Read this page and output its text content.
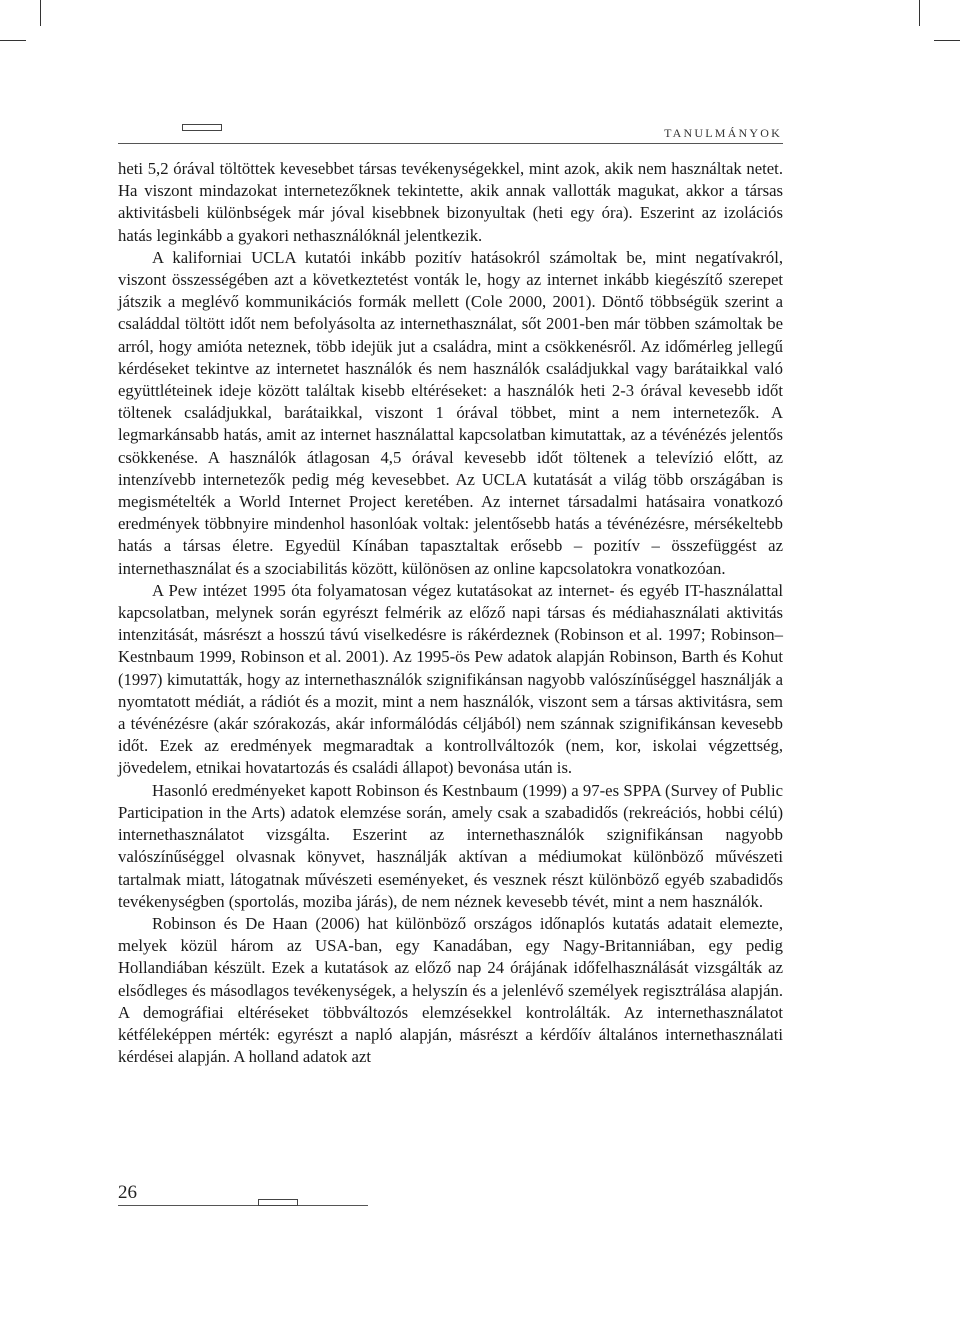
TANULMÁNYOK

heti 5,2 órával töltöttek kevesebbet társas tevékenységekkel, mint azok, akik nem használtak netet. Ha viszont mindazokat internetezőknek tekintette, akik annak vallották magukat, akkor a társas aktivitásbeli különbségek már jóval kisebbnek bizonyultak (heti egy óra). Eszerint az izolációs hatás leginkább a gyakori nethasználóknál jelentkezik.

A kaliforniai UCLA kutatói inkább pozitív hatásokról számoltak be, mint negatívakról, viszont összességében azt a következtetést vonták le, hogy az internet inkább kiegészítő szerepet játszik a meglévő kommunikációs formák mellett (Cole 2000, 2001). Döntő többségük szerint a családdal töltött időt nem befolyásolta az internethasználat, sőt 2001-ben már többen számoltak be arról, hogy amióta neteznek, több idejük jut a családra, mint a csökkenésről. Az időmérleg jellegű kérdéseket tekintve az internetet használók és nem használók családjukkal vagy barátaikkal való együttléteinek ideje között találtak kisebb eltéréseket: a használók heti 2-3 órával kevesebb időt töltenek családjukkal, barátaikkal, viszont 1 órával többet, mint a nem internetezők. A legmarkánsabb hatás, amit az internet használattal kapcsolatban kimutattak, az a tévénézés jelentős csökkenése. A használók átlagosan 4,5 órával kevesebb időt töltenek a televízió előtt, az intenzívebb internetezők pedig még kevesebbet. Az UCLA kutatását a világ több országában is megismételték a World Internet Project keretében. Az internet társadalmi hatásaira vonatkozó eredmények többnyire mindenhol hasonlóak voltak: jelentősebb hatás a tévénézésre, mérsékeltebb hatás a társas életre. Egyedül Kínában tapasztaltak erősebb – pozitív – összefüggést az internethasználat és a szociabilitás között, különösen az online kapcsolatokra vonatkozóan.

A Pew intézet 1995 óta folyamatosan végez kutatásokat az internet- és egyéb IT-használattal kapcsolatban, melynek során egyrészt felmérik az előző napi társas és médiahasználati aktivitás intenzitását, másrészt a hosszú távú viselkedésre is rákérdeznek (Robinson et al. 1997; Robinson–Kestnbaum 1999, Robinson et al. 2001). Az 1995-ös Pew adatok alapján Robinson, Barth és Kohut (1997) kimutatták, hogy az internethasználók szignifikánsan nagyobb valószínűséggel használják a nyomtatott médiát, a rádiót és a mozit, mint a nem használók, viszont sem a társas aktivitásra, sem a tévénézésre (akár szórakozás, akár informálódás céljából) nem szánnak szignifikánsan kevesebb időt. Ezek az eredmények megmaradtak a kontrollváltozók (nem, kor, iskolai végzettség, jövedelem, etnikai hovatartozás és családi állapot) bevonása után is.

Hasonló eredményeket kapott Robinson és Kestnbaum (1999) a 97-es SPPA (Survey of Public Participation in the Arts) adatok elemzése során, amely csak a szabadidős (rekreációs, hobbi célú) internethasználatot vizsgálta. Eszerint az internethasználók szignifikánsan nagyobb valószínűséggel olvasnak könyvet, használják aktívan a médiumokat különböző művészeti tartalmak miatt, látogatnak művészeti eseményeket, és vesznek részt különböző egyéb szabadidős tevékenységben (sportolás, moziba járás), de nem néznek kevesebb tévét, mint a nem használók.

Robinson és De Haan (2006) hat különböző országos időnaplós kutatás adatait elemezte, melyek közül három az USA-ban, egy Kanadában, egy Nagy-Britanniában, egy pedig Hollandiában készült. Ezek a kutatások az előző nap 24 órájának időfelhasználását vizsgálták az elsődleges és másodlagos tevékenységek, a helyszín és a jelenlévő személyek regisztrálása alapján. A demográfiai eltéréseket többváltozós elemzésekkel kontrolálták. Az internethasználatot kétféleképpen mérték: egyrészt a napló alapján, másrészt a kérdőív általános internethasználati kérdései alapján. A holland adatok azt

26
